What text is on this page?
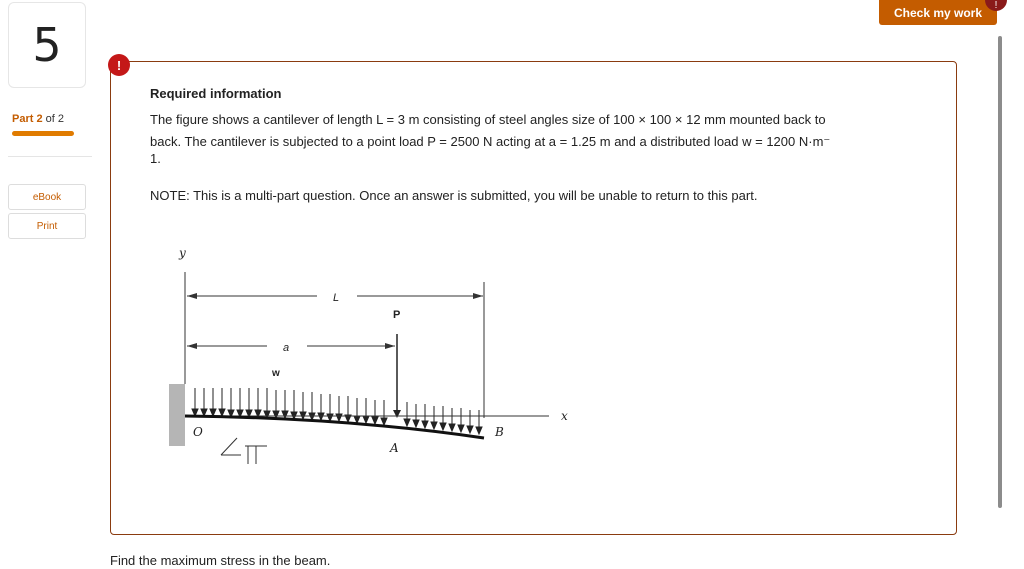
5
Part 2 of 2
eBook
Print
Check my work	!
Required information
The figure shows a cantilever of length L = 3 m consisting of steel angles size of 100 × 100 × 12 mm mounted back to
back. The cantilever is subjected to a point load P = 2500 N acting at a = 1.25 m and a distributed load w = 1200 N·m⁻
1.
NOTE: This is a multi-part question. Once an answer is submitted, you will be unable to return to this part.
y
L
P
a
w
x
O
A
B
!
Find the maximum stress in the beam.
